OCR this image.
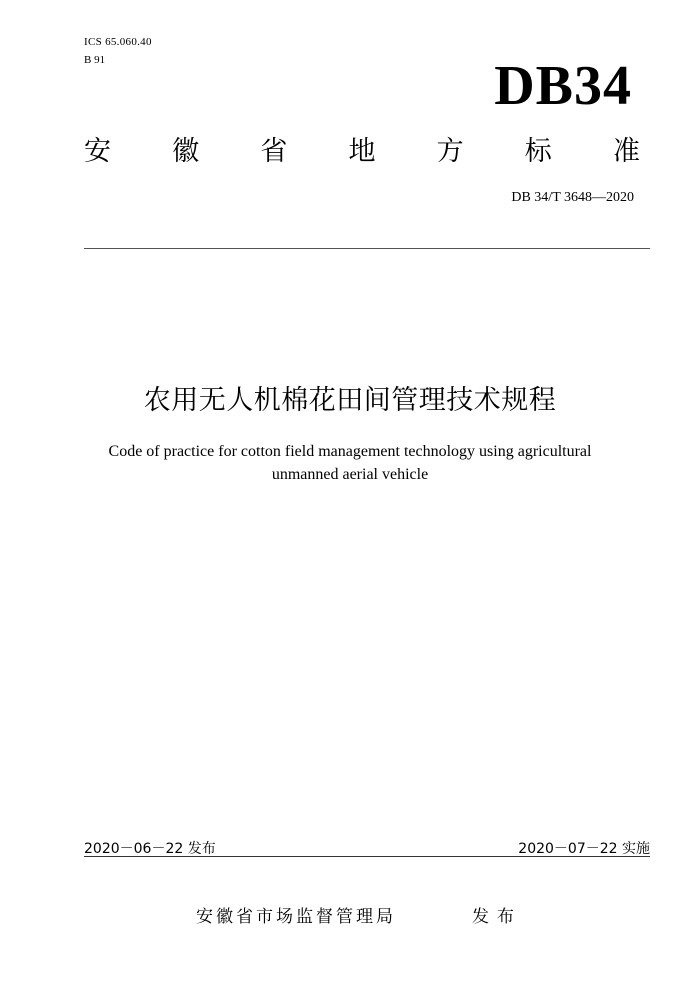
ICS 65.060.40
B 91	DB34
安 徽 省 地 方 标 准
DB 34/T 3648—2020
农用无人机棉花田间管理技术规程
Code of practice for cotton field management technology using agricultural
unmanned aerial vehicle
2020－06－22 发布	2020－07－22 实施
安徽省市场监督管理局	发布
